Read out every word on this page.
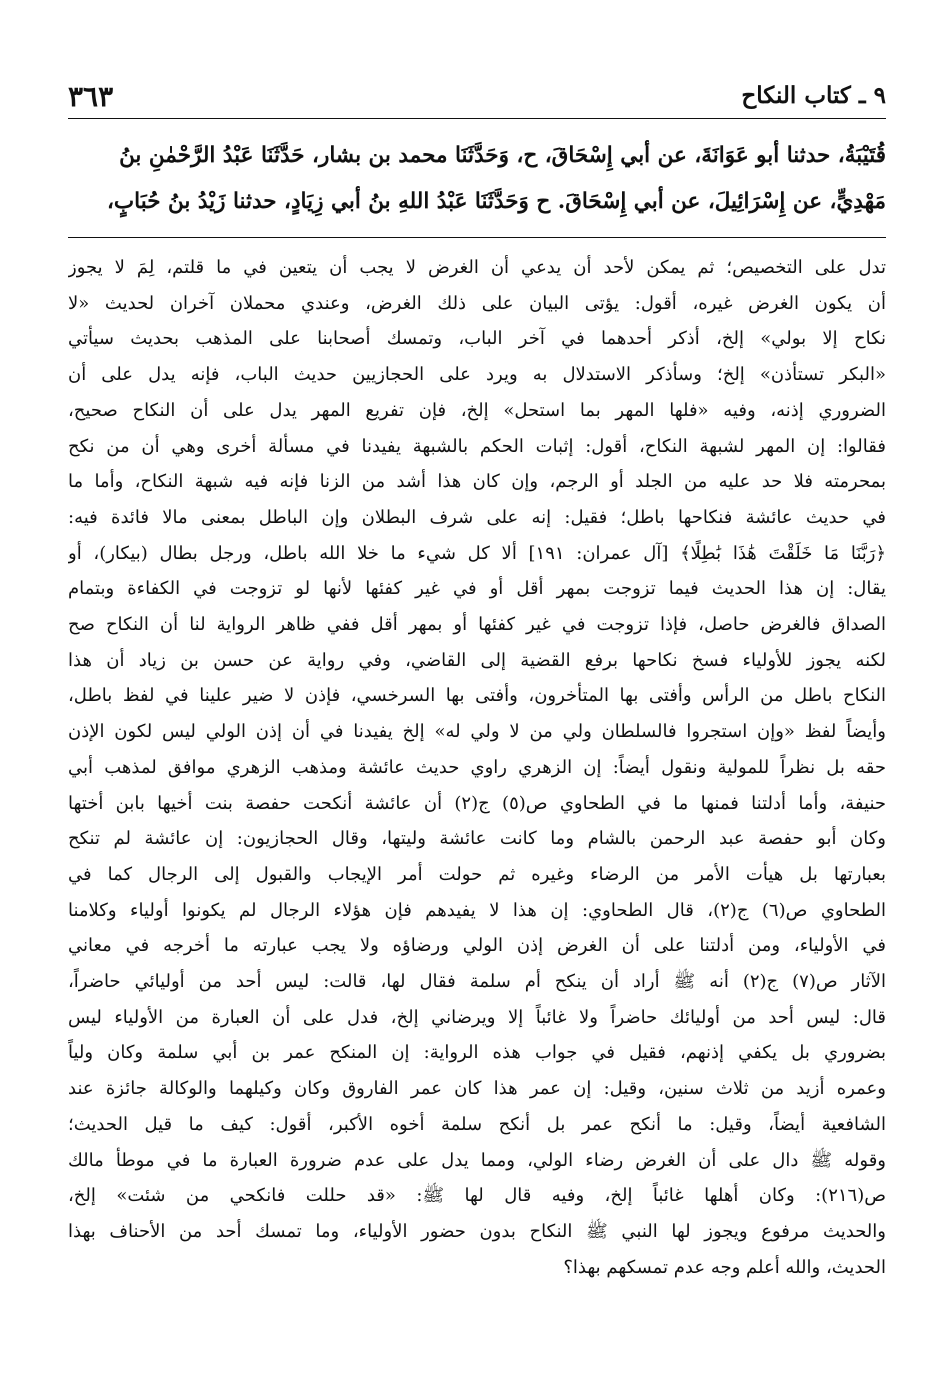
٩ ـ كتاب النكاح
٣٦٣
قُتَيْبَةُ، حدثنا أبو عَوَانَةَ، عن أبي إِسْحَاقَ، ح، وَحَدَّثَنَا محمد بن بشار، حَدَّثَنَا عَبْدُ الرَّحْمٰنِ بنُ
مَهْدِيٍّ، عن إِسْرَائِيلَ، عن أبي إِسْحَاقَ. ح وَحَدَّثَنَا عَبْدُ اللهِ بنُ أبي زِيَادٍ، حدثنا زَيْدُ بنُ حُبَابٍ،
تدل على التخصيص؛ ثم يمكن لأحد أن يدعي أن الغرض لا يجب أن يتعين في ما قلتم، لِمَ لا يجوز
أن يكون الغرض غيره، أقول: يؤتى البيان على ذلك الغرض، وعندي محملان آخران لحديث «لا
نكاح إلا بولي» إلخ، أذكر أحدهما في آخر الباب، وتمسك أصحابنا على المذهب بحديث سيأتي
«البكر تستأذن» إلخ؛ وسأذكر الاستدلال به ويرد على الحجازيين حديث الباب، فإنه يدل على أن
الضروري إذنه، وفيه «فلها المهر بما استحل» إلخ، فإن تفريع المهر يدل على أن النكاح صحيح،
فقالوا: إن المهر لشبهة النكاح، أقول: إثبات الحكم بالشبهة يفيدنا في مسألة أخرى وهي أن من نكح
بمحرمته فلا حد عليه من الجلد أو الرجم، وإن كان هذا أشد من الزنا فإنه فيه شبهة النكاح، وأما ما
في حديث عائشة فنكاحها باطل؛ فقيل: إنه على شرف البطلان وإن الباطل بمعنى مالا فائدة فيه:
﴿رَبَّنَا مَا خَلَقْتَ هَٰذَا بَٰطِلًا﴾ [آل عمران: ١٩١] ألا كل شيء ما خلا الله باطل، ورجل بطال (بيكار)، أو
يقال: إن هذا الحديث فيما تزوجت بمهر أقل أو في غير كفئها لأنها لو تزوجت في الكفاءة وبتمام
الصداق فالغرض حاصل، فإذا تزوجت في غير كفئها أو بمهر أقل ففي ظاهر الرواية لنا أن النكاح صح
لكنه يجوز للأولياء فسخ نكاحها برفع القضية إلى القاضي، وفي رواية عن حسن بن زياد أن هذا
النكاح باطل من الرأس وأفتى بها المتأخرون، وأفتى بها السرخسي، فإذن لا ضير علينا في لفظ باطل،
وأيضاً لفظ «وإن استجروا فالسلطان ولي من لا ولي له» إلخ يفيدنا في أن إذن الولي ليس لكون الإذن
حقه بل نظراً للمولية ونقول أيضاً: إن الزهري راوي حديث عائشة ومذهب الزهري موافق لمذهب أبي
حنيفة، وأما أدلتنا فمنها ما في الطحاوي ص(٥) ج(٢) أن عائشة أنكحت حفصة بنت أخيها بابن أختها
وكان أبو حفصة عبد الرحمن بالشام وما كانت عائشة وليتها، وقال الحجازيون: إن عائشة لم تنكح
بعبارتها بل هيأت الأمر من الرضاء وغيره ثم حولت أمر الإيجاب والقبول إلى الرجال كما في
الطحاوي ص(٦) ج(٢)، قال الطحاوي: إن هذا لا يفيدهم فإن هؤلاء الرجال لم يكونوا أولياء وكلامنا
في الأولياء، ومن أدلتنا على أن الغرض إذن الولي ورضاؤه ولا يجب عبارته ما أخرجه في معاني
الآثار ص(٧) ج(٢) أنه ﷺ أراد أن ينكح أم سلمة فقال لها، قالت: ليس أحد من أوليائي حاضراً،
قال: ليس أحد من أوليائك حاضراً ولا غائباً إلا ويرضاني إلخ، فدل على أن العبارة من الأولياء ليس
بضروري بل يكفي إذنهم، فقيل في جواب هذه الرواية: إن المنكح عمر بن أبي سلمة وكان ولياً
وعمره أزيد من ثلاث سنين، وقيل: إن عمر هذا كان عمر الفاروق وكان وكيلهما والوكالة جائزة عند
الشافعية أيضاً، وقيل: ما أنكح عمر بل أنكح سلمة أخوه الأكبر، أقول: كيف ما قيل الحديث؛
وقوله ﷺ دال على أن الغرض رضاء الولي، ومما يدل على عدم ضرورة العبارة ما في موطأ مالك
ص(٢١٦): وكان أهلها غائباً إلخ، وفيه قال لها ﷺ: «قد حللت فانكحي من شئت» إلخ،
والحديث مرفوع ويجوز لها النبي ﷺ النكاح بدون حضور الأولياء، وما تمسك أحد من الأحناف بهذا
الحديث، والله أعلم وجه عدم تمسكهم بهذا؟
